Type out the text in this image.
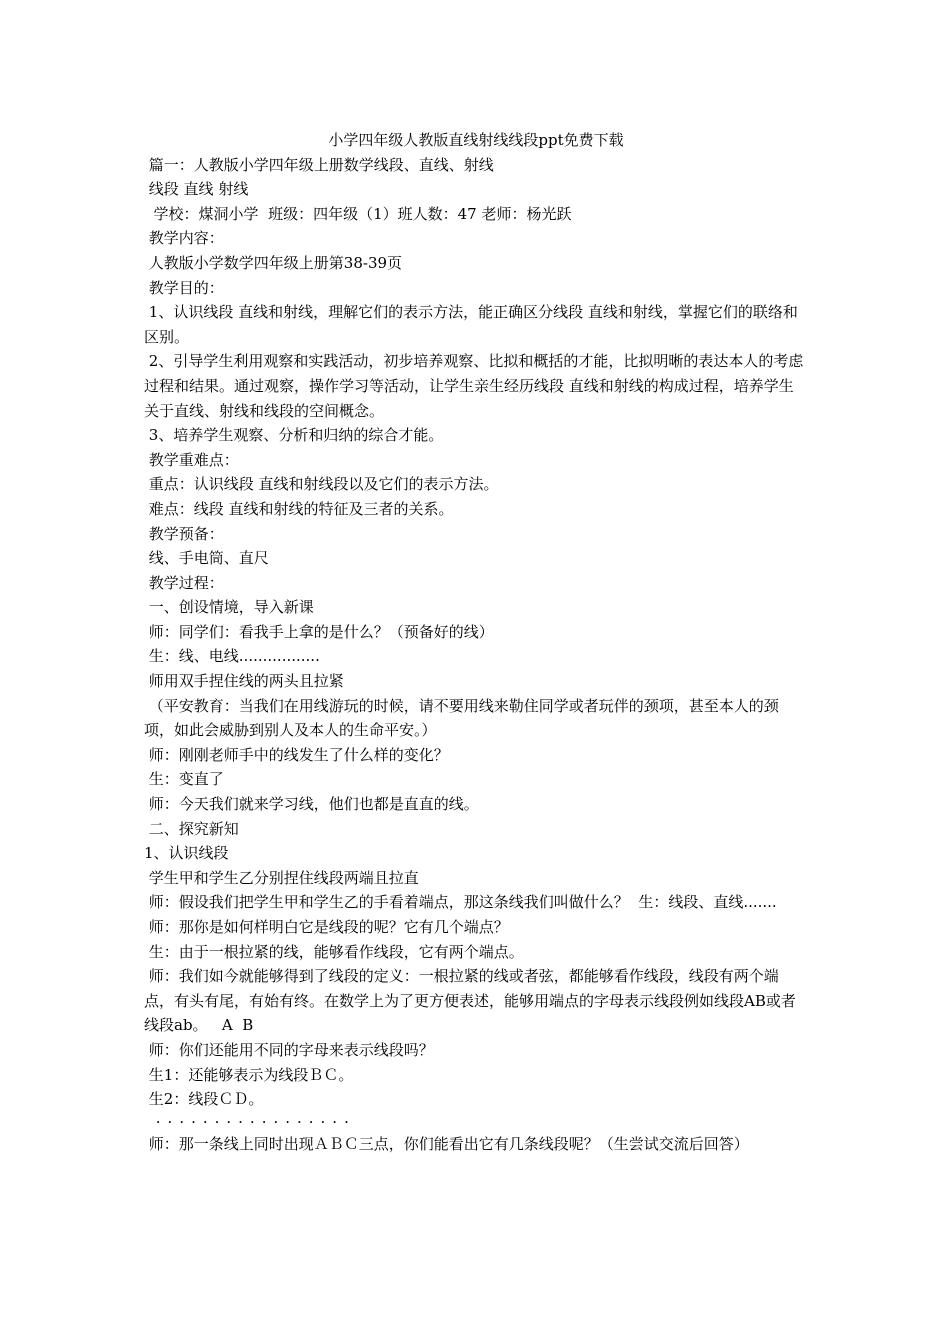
小学四年级人教版直线射线线段ppt免费下载

篇一：人教版小学四年级上册数学线段、直线、射线

线段 直线 射线

学校：煤洞小学  班级：四年级（1）班人数：47 老师：杨光跃

教学内容：

人教版小学数学四年级上册第38-39页

教学目的：

1、认识线段 直线和射线，理解它们的表示方法，能正确区分线段 直线和射线，掌握它们的联络和区别。

2、引导学生利用观察和实践活动，初步培养观察、比拟和概括的才能，比拟明晰的表达本人的考虑过程和结果。通过观察，操作学习等活动，让学生亲生经历线段 直线和射线的构成过程，培养学生关于直线、射线和线段的空间概念。

3、培养学生观察、分析和归纳的综合才能。

教学重难点：

重点：认识线段 直线和射线段以及它们的表示方法。

难点：线段 直线和射线的特征及三者的关系。

教学预备：

线、手电筒、直尺

教学过程：

一、创设情境，导入新课

师：同学们：看我手上拿的是什么？（预备好的线）

生：线、电线.................

师用双手捏住线的两头且拉紧

（平安教育：当我们在用线游玩的时候，请不要用线来勒住同学或者玩伴的颈项，甚至本人的颈项，如此会威胁到别人及本人的生命平安。）

师：刚刚老师手中的线发生了什么样的变化？

生：变直了

师：今天我们就来学习线，他们也都是直直的线。

二、探究新知

1、认识线段

学生甲和学生乙分别捏住线段两端且拉直

师：假设我们把学生甲和学生乙的手看着端点，那这条线我们叫做什么？  生：线段、直线.......

师：那你是如何样明白它是线段的呢？它有几个端点？

生：由于一根拉紧的线，能够看作线段，它有两个端点。

师：我们如今就能够得到了线段的定义：一根拉紧的线或者弦，都能够看作线段，线段有两个端点，有头有尾，有始有终。在数学上为了更方便表述，能够用端点的字母表示线段例如线段AB或者线段ab。   A  B

师：你们还能用不同的字母来表示线段吗？

生1：还能够表示为线段ＢＣ。

生2：线段ＣＤ。

·················

师：那一条线上同时出现ＡＢＣ三点，你们能看出它有几条线段呢？（生尝试交流后回答）
